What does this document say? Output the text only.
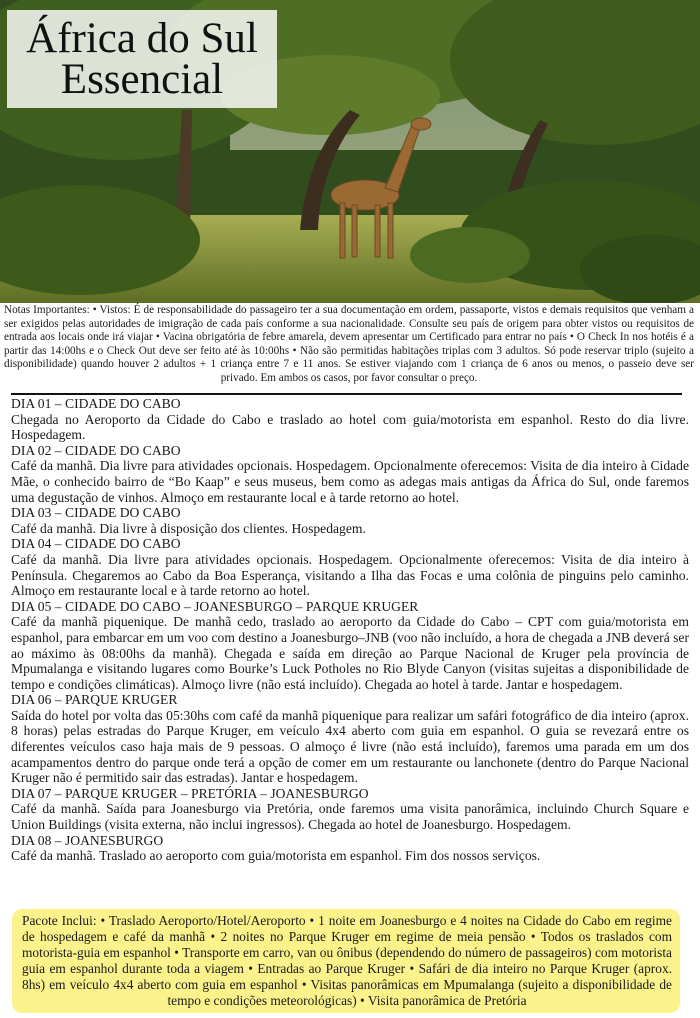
África do Sul
Essencial
Notas Importantes: • Vistos: É de responsabilidade do passageiro ter a sua documentação em ordem, passaporte, vistos e demais requisitos que venham a ser exigidos pelas autoridades de imigração de cada país conforme a sua nacionalidade. Consulte seu país de origem para obter vistos ou requisitos de entrada aos locais onde irá viajar • Vacina obrigatória de febre amarela, devem apresentar um Certificado para entrar no país • O Check In nos hotéis é a partir das 14:00hs e o Check Out deve ser feito até às 10:00hs • Não são permitidas habitações triplas com 3 adultos. Só pode reservar triplo (sujeito a disponibilidade) quando houver 2 adultos + 1 criança entre 7 e 11 anos. Se estiver viajando com 1 criança de 6 anos ou menos, o passeio deve ser privado. Em ambos os casos, por favor consultar o preço.

DIA 01 – CIDADE DO CABO

Chegada no Aeroporto da Cidade do Cabo e traslado ao hotel com guia/motorista em espanhol. Resto do dia livre. Hospedagem.

DIA 02 – CIDADE DO CABO

Café da manhã. Dia livre para atividades opcionais. Hospedagem. Opcionalmente oferecemos: Visita de dia inteiro à Cidade Mãe, o conhecido bairro de “Bo Kaap” e seus museus, bem como as adegas mais antigas da África do Sul, onde faremos uma degustação de vinhos. Almoço em restaurante local e à tarde retorno ao hotel.

DIA 03 – CIDADE DO CABO

Café da manhã. Dia livre à disposição dos clientes. Hospedagem.

DIA 04 – CIDADE DO CABO

Café da manhã. Dia livre para atividades opcionais. Hospedagem. Opcionalmente oferecemos: Visita de dia inteiro à Península. Chegaremos ao Cabo da Boa Esperança, visitando a Ilha das Focas e uma colônia de pinguins pelo caminho. Almoço em restaurante local e à tarde retorno ao hotel.

DIA 05 – CIDADE DO CABO – JOANESBURGO – PARQUE KRUGER

Café da manhã piquenique. De manhã cedo, traslado ao aeroporto da Cidade do Cabo – CPT com guia/motorista em espanhol, para embarcar em um voo com destino a Joanesburgo–JNB (voo não incluído, a hora de chegada a JNB deverá ser ao máximo às 08:00hs da manhã). Chegada e saída em direção ao Parque Nacional de Kruger pela província de Mpumalanga e visitando lugares como Bourke’s Luck Potholes no Rio Blyde Canyon (visitas sujeitas a disponibilidade de tempo e condições climáticas). Almoço livre (não está incluído). Chegada ao hotel à tarde. Jantar e hospedagem.

DIA 06 – PARQUE KRUGER

Saída do hotel por volta das 05:30hs com café da manhã piquenique para realizar um safári fotográfico de dia inteiro (aprox. 8 horas) pelas estradas do Parque Kruger, em veículo 4x4 aberto com guia em espanhol. O guia se revezará entre os diferentes veículos caso haja mais de 9 pessoas. O almoço é livre (não está incluído), faremos uma parada em um dos acampamentos dentro do parque onde terá a opção de comer em um restaurante ou lanchonete (dentro do Parque Nacional Kruger não é permitido sair das estradas). Jantar e hospedagem.

DIA 07 – PARQUE KRUGER – PRETÓRIA – JOANESBURGO

Café da manhã. Saída para Joanesburgo via Pretória, onde faremos uma visita panorâmica, incluindo Church Square e Union Buildings (visita externa, não inclui ingressos). Chegada ao hotel de Joanesburgo. Hospedagem.

DIA 08 – JOANESBURGO

Café da manhã. Traslado ao aeroporto com guia/motorista em espanhol. Fim dos nossos serviços.

Pacote Inclui: • Traslado Aeroporto/Hotel/Aeroporto • 1 noite em Joanesburgo e 4 noites na Cidade do Cabo em regime de hospedagem e café da manhã • 2 noites no Parque Kruger em regime de meia pensão • Todos os traslados com motorista-guia em espanhol • Transporte em carro, van ou ônibus (dependendo do número de passageiros) com motorista guia em espanhol durante toda a viagem • Entradas ao Parque Kruger • Safári de dia inteiro no Parque Kruger (aprox. 8hs) em veículo 4x4 aberto com guia em espanhol • Visitas panorâmicas em Mpumalanga (sujeito a disponibilidade de tempo e condições meteorológicas) • Visita panorâmica de Pretória
